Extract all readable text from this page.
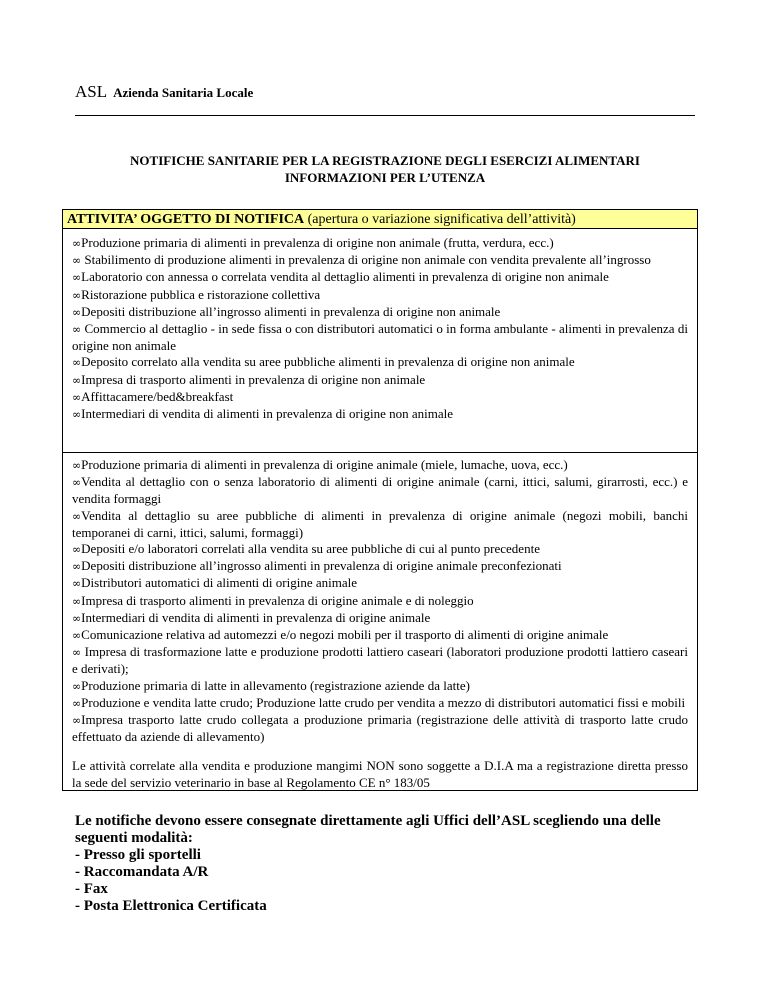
ASL Azienda Sanitaria Locale
NOTIFICHE SANITARIE PER LA REGISTRAZIONE DEGLI ESERCIZI ALIMENTARI
INFORMAZIONI PER L’UTENZA
ATTIVITA’ OGGETTO DI NOTIFICA (apertura o variazione significativa dell’attività)

∞Produzione primaria di alimenti in prevalenza di origine non animale (frutta, verdura, ecc.)

∞ Stabilimento di produzione alimenti in prevalenza di origine non animale con vendita prevalente all’ingrosso

∞Laboratorio con annessa o correlata vendita al dettaglio alimenti in prevalenza di origine non animale

∞Ristorazione pubblica e ristorazione collettiva

∞Depositi distribuzione all’ingrosso alimenti in prevalenza di origine non animale

∞ Commercio al dettaglio - in sede fissa o con distributori automatici o in forma ambulante - alimenti in prevalenza di origine non animale

∞Deposito correlato alla vendita su aree pubbliche alimenti in prevalenza di origine non animale

∞Impresa di trasporto alimenti in prevalenza di origine non animale

∞Affittacamere/bed&breakfast

∞Intermediari di vendita di alimenti in prevalenza di origine non animale

∞Produzione primaria di alimenti in prevalenza di origine animale (miele, lumache, uova, ecc.)

∞Vendita al dettaglio con o senza laboratorio di alimenti di origine animale (carni, ittici, salumi, girarrosti, ecc.) e vendita formaggi

∞Vendita al dettaglio su aree pubbliche di alimenti in prevalenza di origine animale (negozi mobili, banchi temporanei di carni, ittici, salumi, formaggi)

∞Depositi e/o laboratori correlati alla vendita su aree pubbliche di cui al punto precedente

∞Depositi distribuzione all’ingrosso alimenti in prevalenza di origine animale preconfezionati

∞Distributori automatici di alimenti di origine animale

∞Impresa di trasporto alimenti in prevalenza di origine animale e di noleggio

∞Intermediari di vendita di alimenti in prevalenza di origine animale

∞Comunicazione relativa ad automezzi e/o negozi mobili per il trasporto di alimenti di origine animale

∞ Impresa di trasformazione latte e produzione prodotti lattiero caseari (laboratori produzione prodotti lattiero caseari e derivati);

∞Produzione primaria di latte in allevamento (registrazione aziende da latte)

∞Produzione e vendita latte crudo; Produzione latte crudo per vendita a mezzo di distributori automatici fissi e mobili

∞Impresa trasporto latte crudo collegata a produzione primaria (registrazione delle attività di trasporto latte crudo effettuato da aziende di allevamento)

Le attività correlate alla vendita e produzione mangimi NON sono soggette a D.I.A ma a registrazione diretta presso la sede del servizio veterinario in base al Regolamento CE n° 183/05

Le notifiche devono essere consegnate direttamente agli Uffici dell’ASL scegliendo una delle seguenti modalità:

- Presso gli sportelli

- Raccomandata A/R

- Fax

- Posta Elettronica Certificata
